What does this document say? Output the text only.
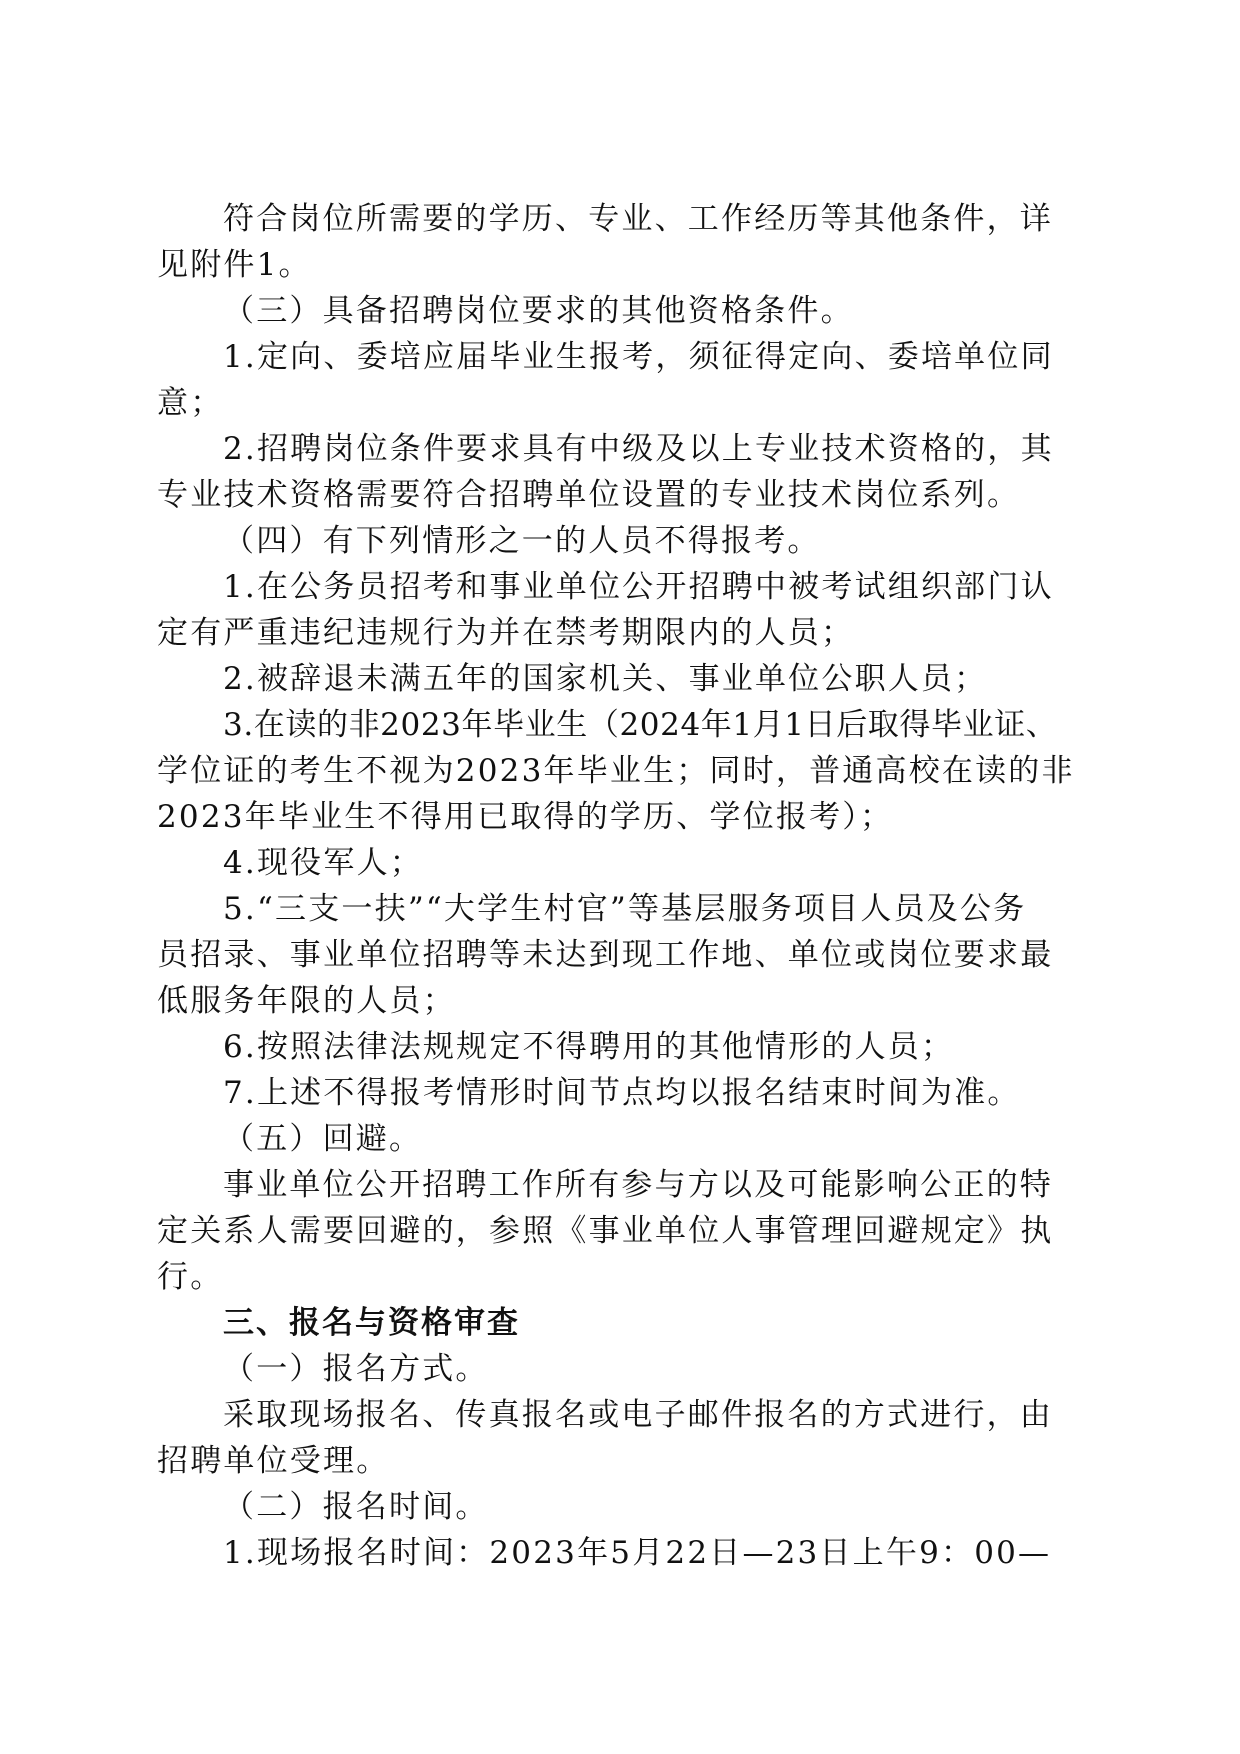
符合岗位所需要的学历、专业、工作经历等其他条件，详
见附件1。

（三）具备招聘岗位要求的其他资格条件。

1.定向、委培应届毕业生报考，须征得定向、委培单位同
意；

2.招聘岗位条件要求具有中级及以上专业技术资格的，其
专业技术资格需要符合招聘单位设置的专业技术岗位系列。

（四）有下列情形之一的人员不得报考。

1.在公务员招考和事业单位公开招聘中被考试组织部门认
定有严重违纪违规行为并在禁考期限内的人员；

2.被辞退未满五年的国家机关、事业单位公职人员；

3.在读的非2023年毕业生（2024年1月1日后取得毕业证、
学位证的考生不视为2023年毕业生；同时，普通高校在读的非
2023年毕业生不得用已取得的学历、学位报考）；

4.现役军人；

5.“三支一扶”“大学生村官”等基层服务项目人员及公务
员招录、事业单位招聘等未达到现工作地、单位或岗位要求最
低服务年限的人员；

6.按照法律法规规定不得聘用的其他情形的人员；

7.上述不得报考情形时间节点均以报名结束时间为准。

（五）回避。

事业单位公开招聘工作所有参与方以及可能影响公正的特
定关系人需要回避的，参照《事业单位人事管理回避规定》执
行。

三、报名与资格审查

（一）报名方式。

采取现场报名、传真报名或电子邮件报名的方式进行，由
招聘单位受理。

（二）报名时间。

1.现场报名时间：2023年5月22日—23日上午9：00—
